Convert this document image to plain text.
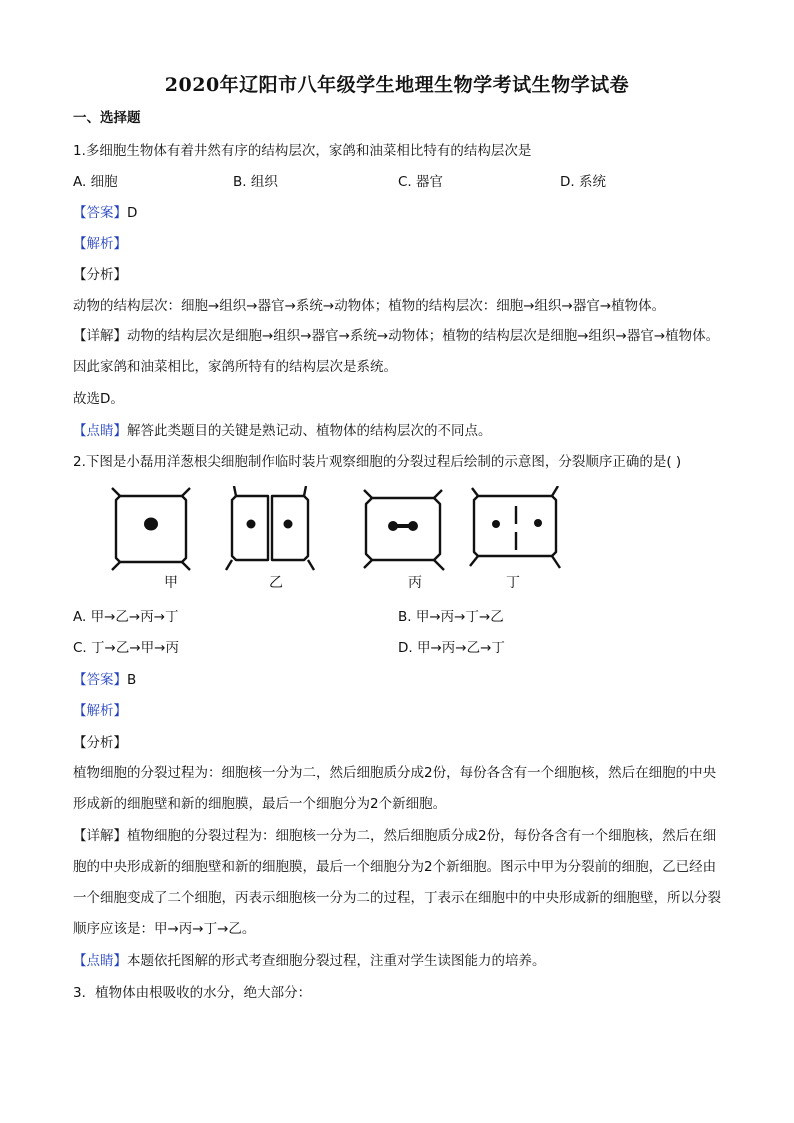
2020年辽阳市八年级学生地理生物学考试生物学试卷
一、选择题
1.多细胞生物体有着井然有序的结构层次，家鸽和油菜相比特有的结构层次是
A. 细胞	B. 组织	C. 器官	D. 系统
【答案】D
【解析】
【分析】
动物的结构层次：细胞→组织→器官→系统→动物体；植物的结构层次：细胞→组织→器官→植物体。
【详解】动物的结构层次是细胞→组织→器官→系统→动物体；植物的结构层次是细胞→组织→器官→植物体。因此家鸽和油菜相比，家鸽所特有的结构层次是系统。
故选D。
【点睛】解答此类题目的关键是熟记动、植物体的结构层次的不同点。
2.下图是小磊用洋葱根尖细胞制作临时装片观察细胞的分裂过程后绘制的示意图，分裂顺序正确的是( )
甲	乙	丙	丁
A. 甲→乙→丙→丁	B. 甲→丙→丁→乙
C. 丁→乙→甲→丙	D. 甲→丙→乙→丁
【答案】B
【解析】
【分析】
植物细胞的分裂过程为：细胞核一分为二，然后细胞质分成2份，每份各含有一个细胞核，然后在细胞的中央形成新的细胞壁和新的细胞膜，最后一个细胞分为2个新细胞。
【详解】植物细胞的分裂过程为：细胞核一分为二，然后细胞质分成2份，每份各含有一个细胞核，然后在细胞的中央形成新的细胞壁和新的细胞膜，最后一个细胞分为2个新细胞。图示中甲为分裂前的细胞，乙已经由一个细胞变成了二个细胞，丙表示细胞核一分为二的过程，丁表示在细胞中的中央形成新的细胞壁，所以分裂顺序应该是：甲→丙→丁→乙。
【点睛】本题依托图解的形式考查细胞分裂过程，注重对学生读图能力的培养。
3．植物体由根吸收的水分，绝大部分：
